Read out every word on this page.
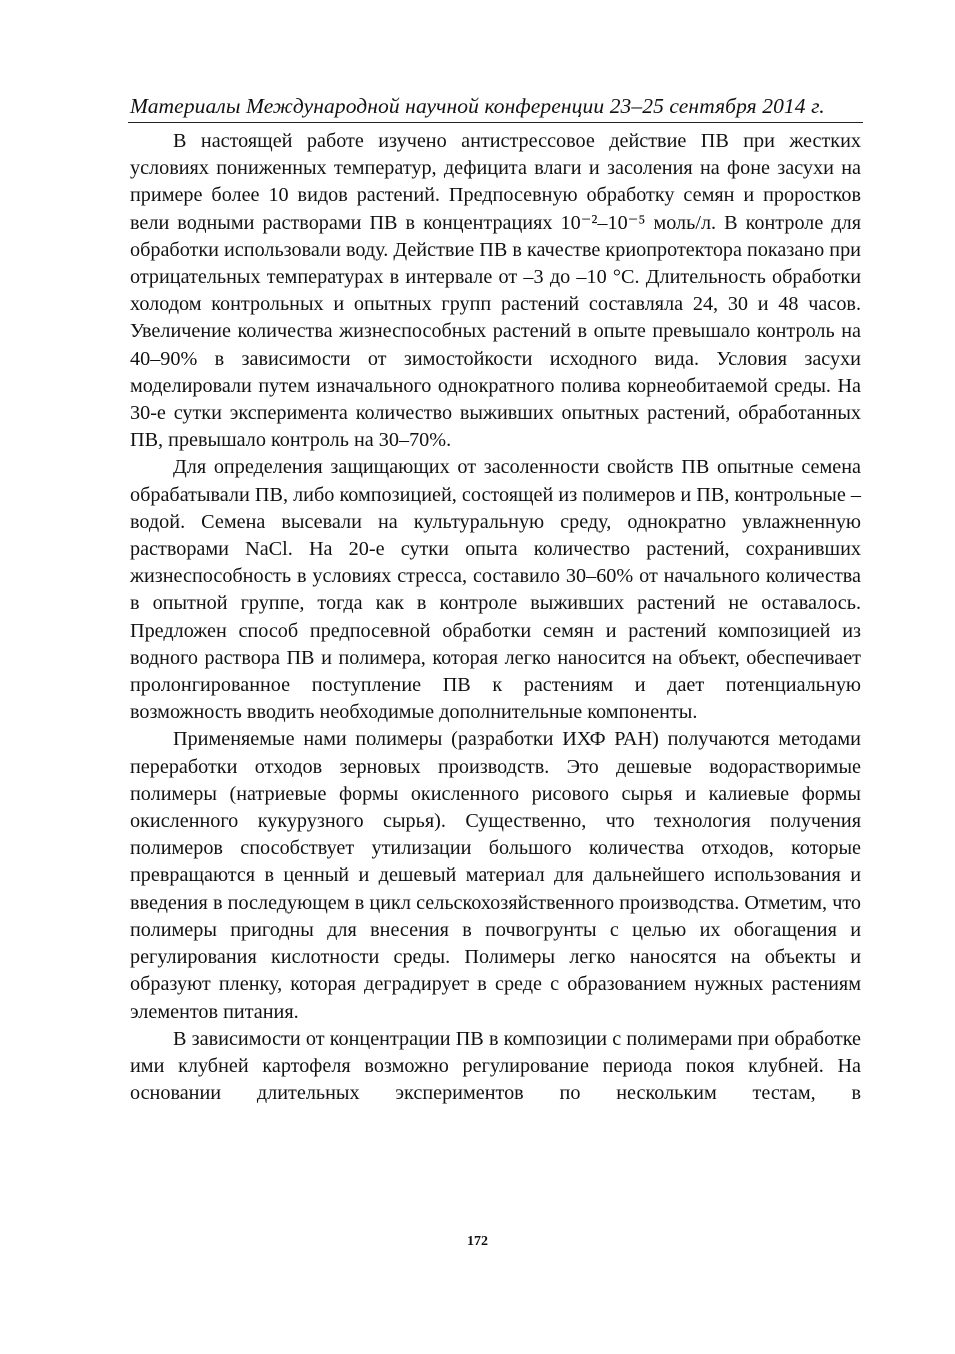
Материалы Международной научной конференции 23–25 сентября 2014 г.

В настоящей работе изучено антистрессовое действие ПВ при жестких условиях пониженных температур, дефицита влаги и засоления на фоне засухи на примере более 10 видов растений. Предпосевную обработку семян и проростков вели водными растворами ПВ в концентрациях 10⁻²–10⁻⁵ моль/л. В контроле для обработки использовали воду. Действие ПВ в качестве криопротектора показано при отрицательных температурах в интервале от –3 до –10 °С. Длительность обработки холодом контрольных и опытных групп растений составляла 24, 30 и 48 часов. Увеличение количества жизнеспособных растений в опыте превышало контроль на 40–90% в зависимости от зимостойкости исходного вида. Условия засухи моделировали путем изначального однократного полива корнеобитаемой среды. На 30-е сутки эксперимента количество выживших опытных растений, обработанных ПВ, превышало контроль на 30–70%.

Для определения защищающих от засоленности свойств ПВ опытные семена обрабатывали ПВ, либо композицией, состоящей из полимеров и ПВ, контрольные – водой. Семена высевали на культуральную среду, однократно увлажненную растворами NaCl. На 20-е сутки опыта количество растений, сохранивших жизнеспособность в условиях стресса, составило 30–60% от начального количества в опытной группе, тогда как в контроле выживших растений не оставалось. Предложен способ предпосевной обработки семян и растений композицией из водного раствора ПВ и полимера, которая легко наносится на объект, обеспечивает пролонгированное поступление ПВ к растениям и дает потенциальную возможность вводить необходимые дополнительные компоненты.

Применяемые нами полимеры (разработки ИХФ РАН) получаются методами переработки отходов зерновых производств. Это дешевые водорастворимые полимеры (натриевые формы окисленного рисового сырья и калиевые формы окисленного кукурузного сырья). Существенно, что технология получения полимеров способствует утилизации большого количества отходов, которые превращаются в ценный и дешевый материал для дальнейшего использования и введения в последующем в цикл сельскохозяйственного производства. Отметим, что полимеры пригодны для внесения в почвогрунты с целью их обогащения и регулирования кислотности среды. Полимеры легко наносятся на объекты и образуют пленку, которая деградирует в среде с образованием нужных растениям элементов питания.

В зависимости от концентрации ПВ в композиции с полимерами при обработке ими клубней картофеля возможно регулирование периода покоя клубней. На основании длительных экспериментов по нескольким тестам, в

172
